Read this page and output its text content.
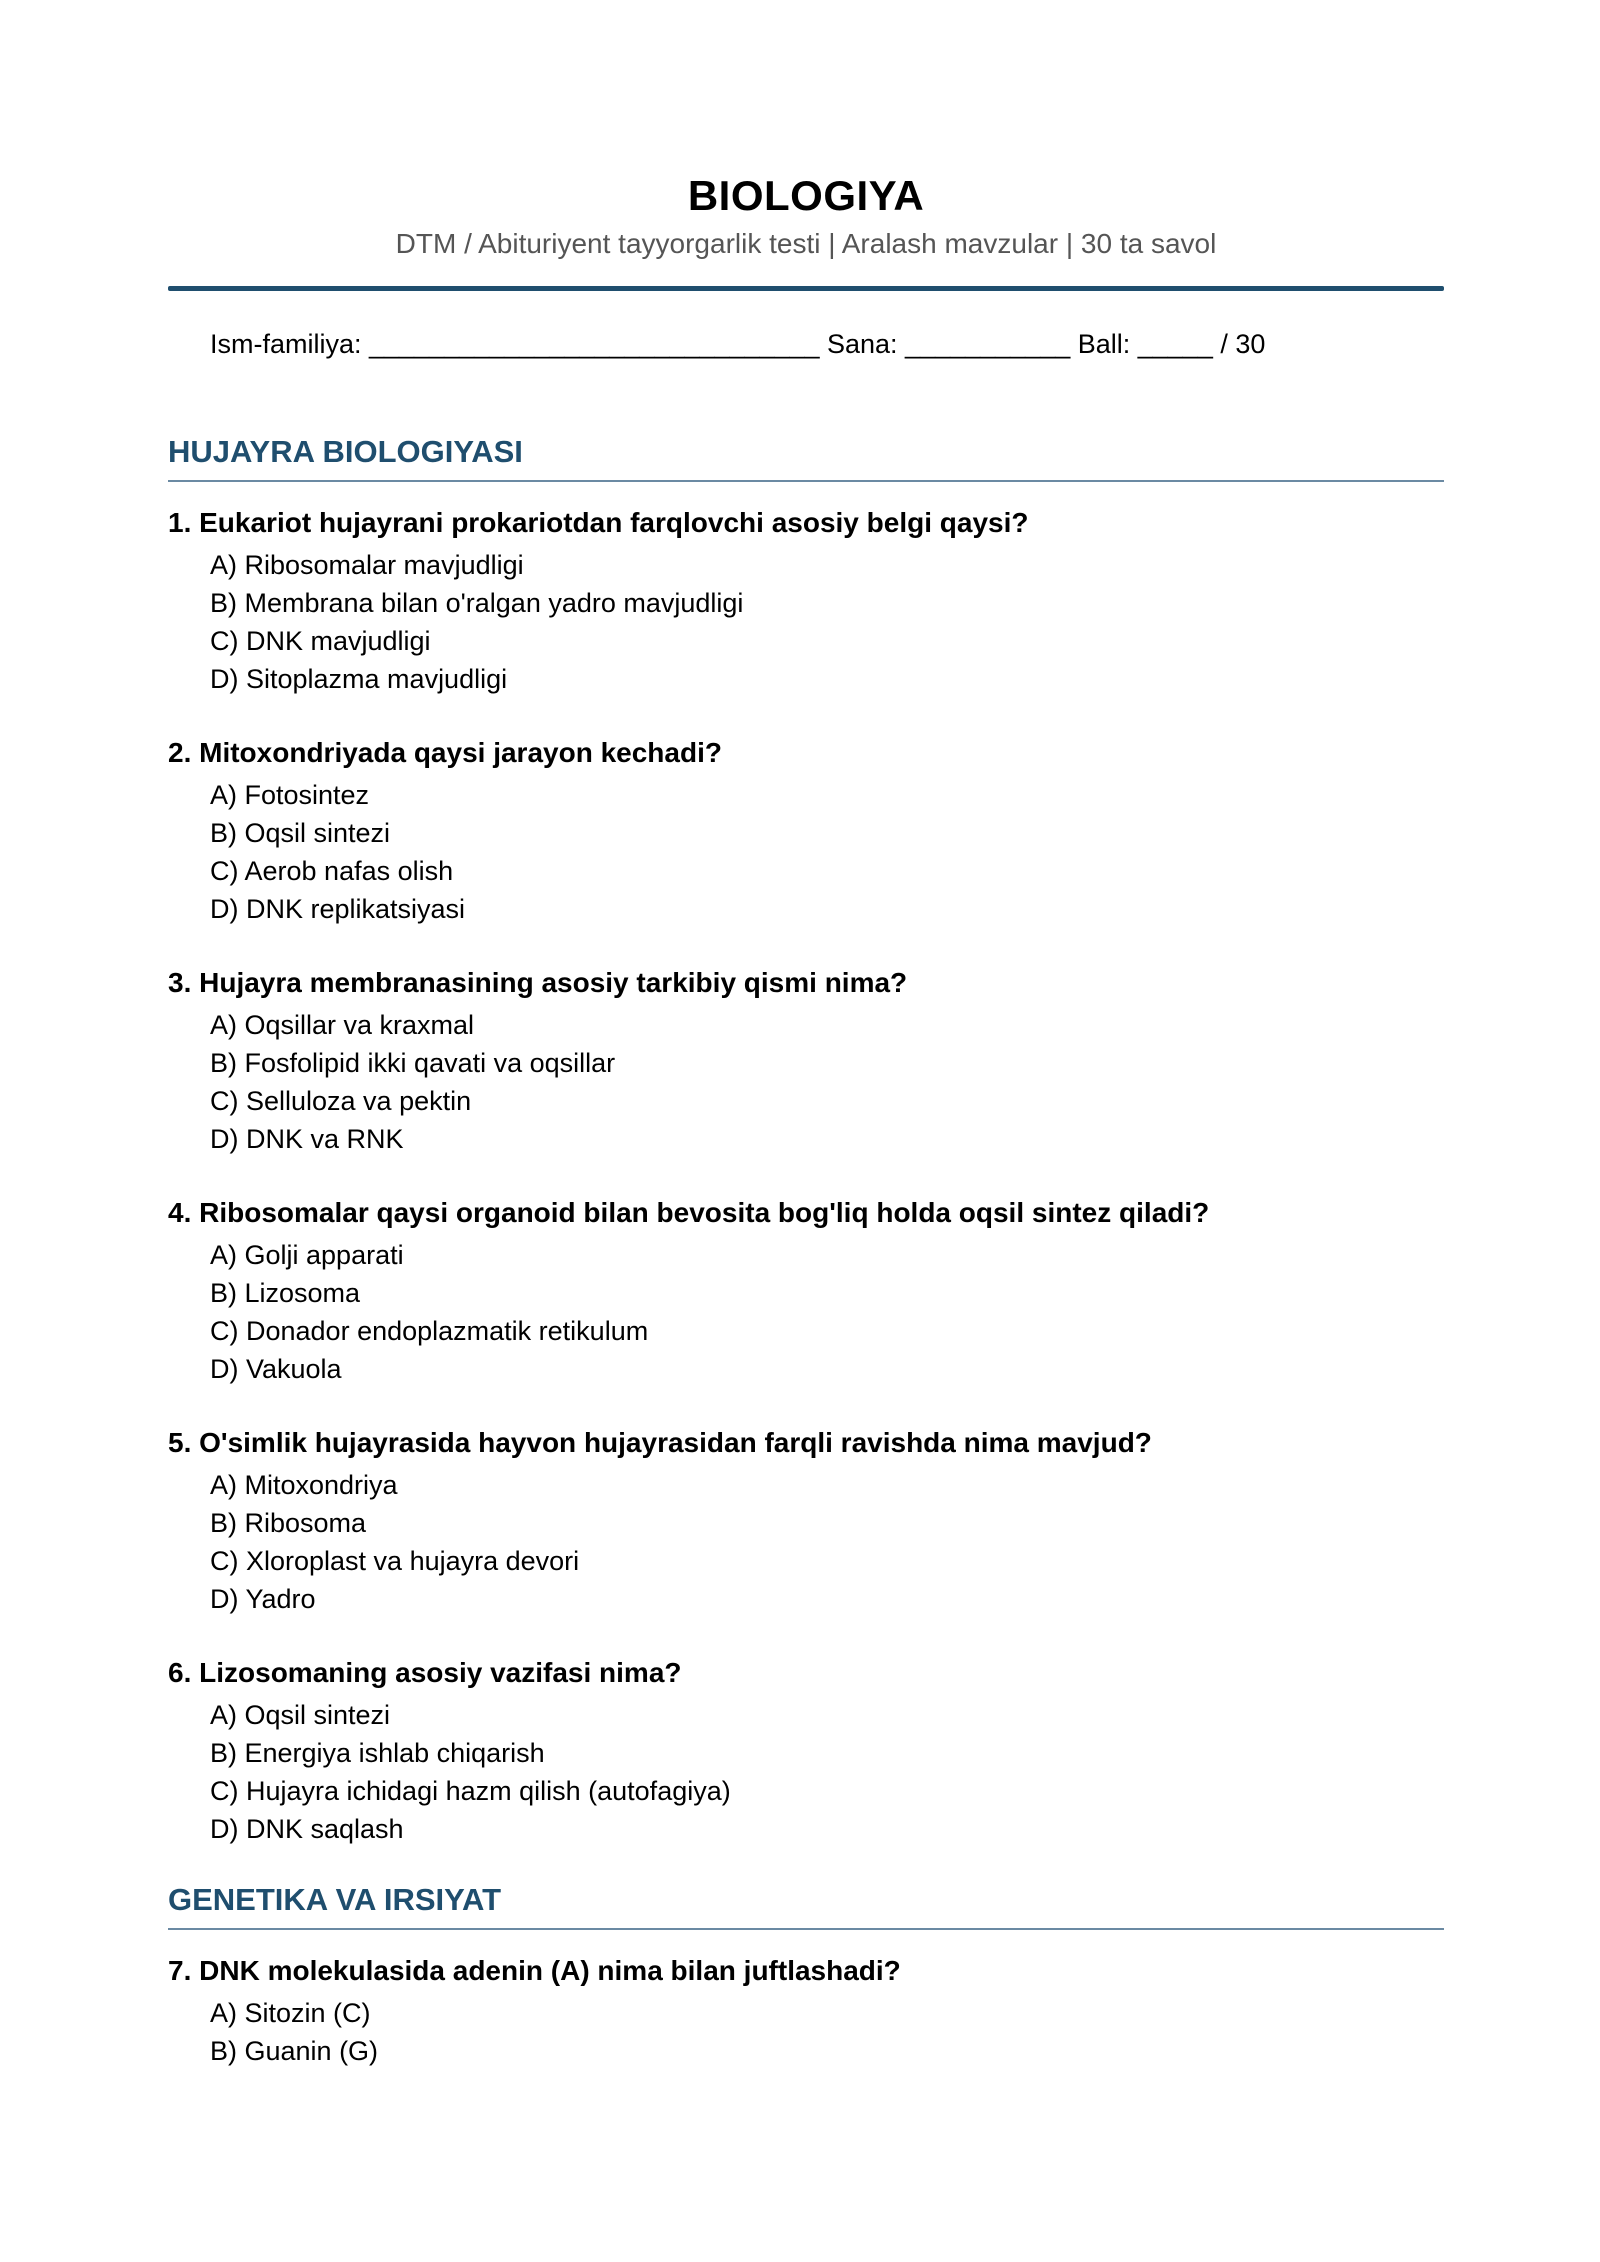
BIOLOGIYA
DTM / Abituriyent tayyorgarlik testi | Aralash mavzular | 30 ta savol
Ism-familiya: ______________________________ Sana: ___________ Ball: _____ / 30
HUJAYRA BIOLOGIYASI
1. Eukariot hujayrani prokariotdan farqlovchi asosiy belgi qaysi?
A) Ribosomalar mavjudligi
B) Membrana bilan o'ralgan yadro mavjudligi
C) DNK mavjudligi
D) Sitoplazma mavjudligi
2. Mitoxondriyada qaysi jarayon kechadi?
A) Fotosintez
B) Oqsil sintezi
C) Aerob nafas olish
D) DNK replikatsiyasi
3. Hujayra membranasining asosiy tarkibiy qismi nima?
A) Oqsillar va kraxmal
B) Fosfolipid ikki qavati va oqsillar
C) Selluloza va pektin
D) DNK va RNK
4. Ribosomalar qaysi organoid bilan bevosita bog'liq holda oqsil sintez qiladi?
A) Golji apparati
B) Lizosoma
C) Donador endoplazmatik retikulum
D) Vakuola
5. O'simlik hujayrasida hayvon hujayrasidan farqli ravishda nima mavjud?
A) Mitoxondriya
B) Ribosoma
C) Xloroplast va hujayra devori
D) Yadro
6. Lizosomaning asosiy vazifasi nima?
A) Oqsil sintezi
B) Energiya ishlab chiqarish
C) Hujayra ichidagi hazm qilish (autofagiya)
D) DNK saqlash
GENETIKA VA IRSIYAT
7. DNK molekulasida adenin (A) nima bilan juftlashadi?
A) Sitozin (C)
B) Guanin (G)
